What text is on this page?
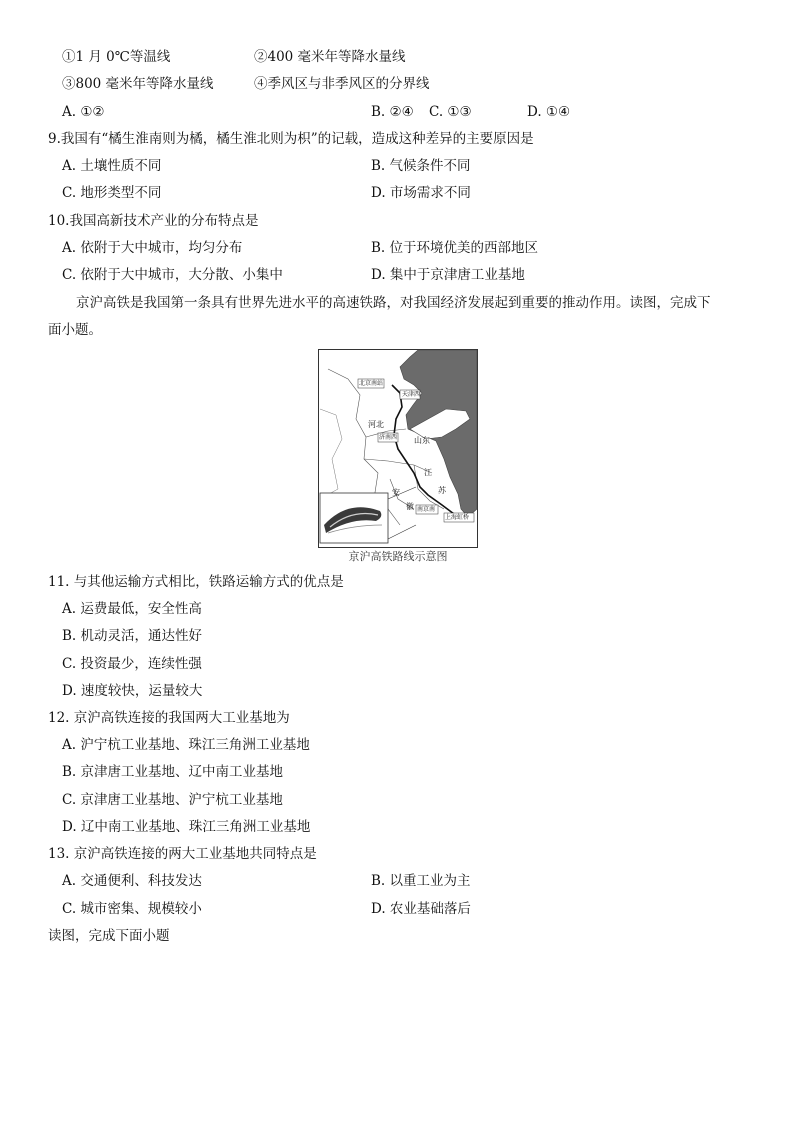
①1 月 0℃等温线	②400 毫米年等降水量线
③800 毫米年等降水量线	④季风区与非季风区的分界线
A. ①②	B. ②④ C. ①③	D. ①④
9.我国有“橘生淮南则为橘，橘生淮北则为枳”的记载，造成这种差异的主要原因是
A. 土壤性质不同	B. 气候条件不同
C. 地形类型不同	D. 市场需求不同
10.我国高新技术产业的分布特点是
A. 依附于大中城市，均匀分布	B. 位于环境优美的西部地区
C. 依附于大中城市，大分散、小集中	D. 集中于京津唐工业基地
京沪高铁是我国第一条具有世界先进水平的高速铁路，对我国经济发展起到重要的推动作用。读图，完成下
面小题。
北京南站
天津西
河北
济南西 山东
江
苏
安
徽 南京南
上海虹桥
京沪高铁路线示意图
11. 与其他运输方式相比，铁路运输方式的优点是
A. 运费最低，安全性高
B. 机动灵活，通达性好
C. 投资最少，连续性强
D. 速度较快，运量较大
12. 京沪高铁连接的我国两大工业基地为
A. 沪宁杭工业基地、珠江三角洲工业基地
B. 京津唐工业基地、辽中南工业基地
C. 京津唐工业基地、沪宁杭工业基地
D. 辽中南工业基地、珠江三角洲工业基地
13. 京沪高铁连接的两大工业基地共同特点是
A. 交通便利、科技发达	B. 以重工业为主
C. 城市密集、规模较小	D. 农业基础落后
读图，完成下面小题
